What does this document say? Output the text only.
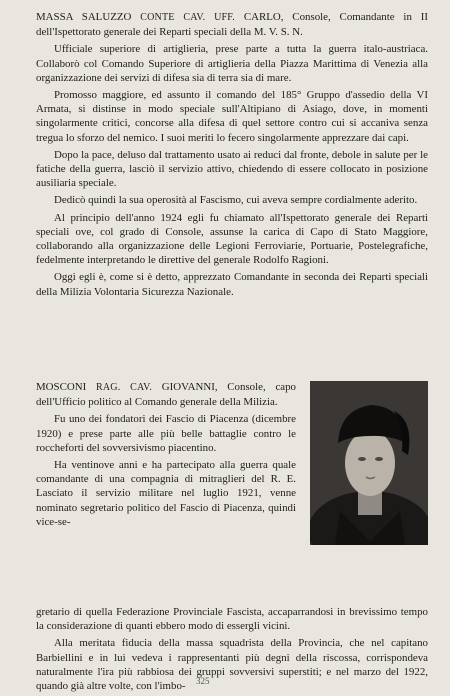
MASSA SALUZZO CONTE CAV. UFF. CARLO, Console, Comandante in II dell'Ispettorato generale dei Reparti speciali della M. V. S. N.

Ufficiale superiore di artiglieria, prese parte a tutta la guerra italo-austriaca. Collaborò col Comando Superiore di artiglieria della Piazza Marittima di Venezia alla organizzazione dei servizi di difesa sia di terra sia di mare.

Promosso maggiore, ed assunto il comando del 185° Gruppo d'assedio della VI Armata, si distinse in modo speciale sull'Altipiano di Asiago, dove, in momenti singolarmente critici, concorse alla difesa di quel settore contro cui si accaniva senza tregua lo sforzo del nemico. I suoi meriti lo fecero singolarmente apprezzare dai capi.

Dopo la pace, deluso dal trattamento usato ai reduci dal fronte, debole in salute per le fatiche della guerra, lasciò il servizio attivo, chiedendo di essere collocato in posizione ausiliaria speciale.

Dedicò quindi la sua operosità al Fascismo, cui aveva sempre cordialmente aderito.

Al principio dell'anno 1924 egli fu chiamato all'Ispettorato generale dei Reparti speciali ove, col grado di Console, assunse la carica di Capo di Stato Maggiore, collaborando alla organizzazione delle Legioni Ferroviarie, Portuarie, Postelegrafiche, fedelmente interpretando le direttive del generale Rodolfo Ragioni.

Oggi egli è, come si è detto, apprezzato Comandante in seconda dei Reparti speciali della Milizia Volontaria Sicurezza Nazionale.

MOSCONI RAG. CAV. GIOVANNI, Console, capo dell'Ufficio politico al Comando generale della Milizia.

Fu uno dei fondatori dei Fascio di Piacenza (dicembre 1920) e prese parte alle più belle battaglie contro le roccheforti del sovversivismo piacentino.

Ha ventinove anni e ha partecipato alla guerra quale comandante di una compagnia di mitraglieri del R. E. Lasciato il servizio militare nel luglio 1921, venne nominato segretario politico del Fascio di Piacenza, quindi vice-se-

gretario di quella Federazione Provinciale Fascista, accaparrandosi in brevissimo tempo la considerazione di quanti ebbero modo di essergli vicini.

Alla meritata fiducia della massa squadrista della Provincia, che nel capitano Barbiellini e in lui vedeva i rappresentanti più degni della riscossa, corrispondeva naturalmente l'ira più rabbiosa dei gruppi sovversivi superstiti; e nel marzo del 1922, quando già altre volte, con l'imbo-	325
